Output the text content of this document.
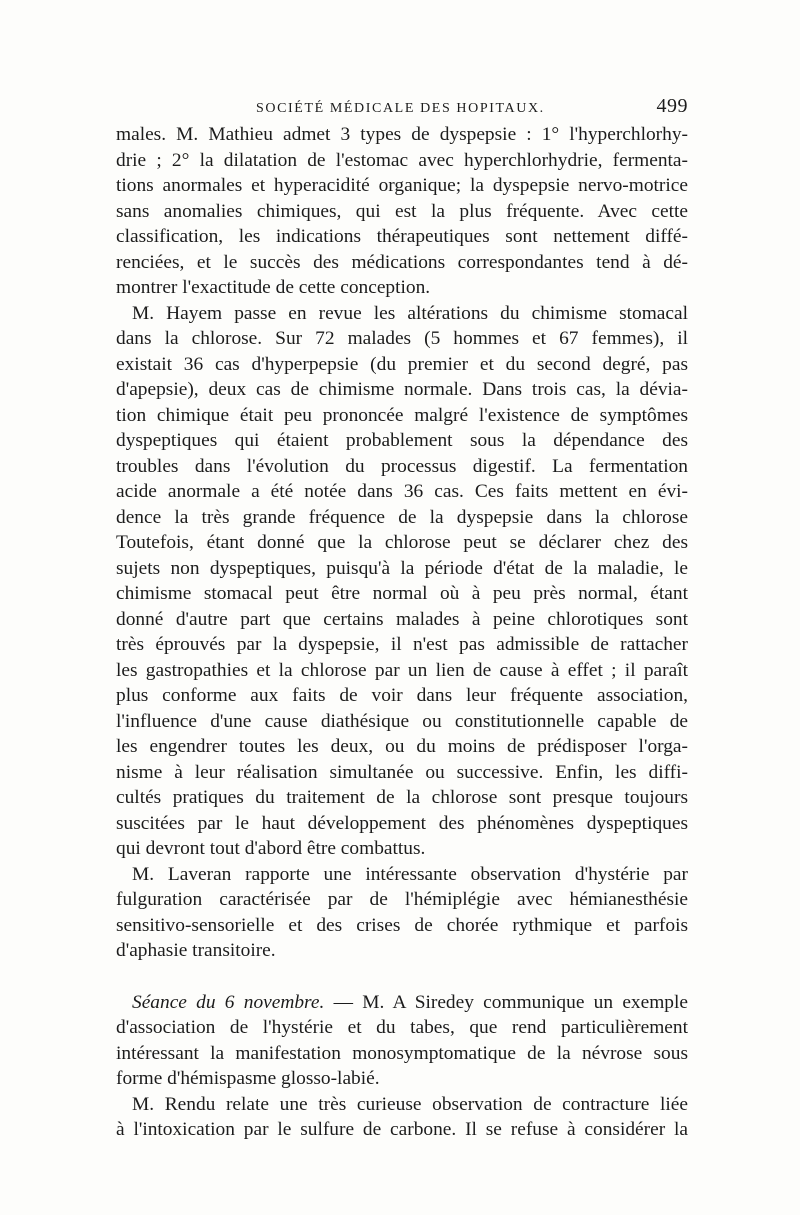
SOCIÉTÉ MÉDICALE DES HOPITAUX.	499
males. M. Mathieu admet 3 types de dyspepsie : 1° l'hyperchlorhy-
drie ; 2° la dilatation de l'estomac avec hyperchlorhydrie, fermenta-
tions anormales et hyperacidité organique; la dyspepsie nervo-motrice
sans anomalies chimiques, qui est la plus fréquente. Avec cette
classification, les indications thérapeutiques sont nettement diffé-
renciées, et le succès des médications correspondantes tend à dé-
montrer l'exactitude de cette conception.
M. Hayem passe en revue les altérations du chimisme stomacal
dans la chlorose. Sur 72 malades (5 hommes et 67 femmes), il
existait 36 cas d'hyperpepsie (du premier et du second degré, pas
d'apepsie), deux cas de chimisme normale. Dans trois cas, la dévia-
tion chimique était peu prononcée malgré l'existence de symptômes
dyspeptiques qui étaient probablement sous la dépendance des
troubles dans l'évolution du processus digestif. La fermentation
acide anormale a été notée dans 36 cas. Ces faits mettent en évi-
dence la très grande fréquence de la dyspepsie dans la chlorose
Toutefois, étant donné que la chlorose peut se déclarer chez des
sujets non dyspeptiques, puisqu'à la période d'état de la maladie, le
chimisme stomacal peut être normal où à peu près normal, étant
donné d'autre part que certains malades à peine chlorotiques sont
très éprouvés par la dyspepsie, il n'est pas admissible de rattacher
les gastropathies et la chlorose par un lien de cause à effet ; il paraît
plus conforme aux faits de voir dans leur fréquente association,
l'influence d'une cause diathésique ou constitutionnelle capable de
les engendrer toutes les deux, ou du moins de prédisposer l'orga-
nisme à leur réalisation simultanée ou successive. Enfin, les diffi-
cultés pratiques du traitement de la chlorose sont presque toujours
suscitées par le haut développement des phénomènes dyspeptiques
qui devront tout d'abord être combattus.
M. Laveran rapporte une intéressante observation d'hystérie par
fulguration caractérisée par de l'hémiplégie avec hémianesthésie
sensitivo-sensorielle et des crises de chorée rythmique et parfois
d'aphasie transitoire.
Séance du 6 novembre. — M. A Siredey communique un exemple
d'association de l'hystérie et du tabes, que rend particulièrement
intéressant la manifestation monosymptomatique de la névrose sous
forme d'hémispasme glosso-labié.
M. Rendu relate une très curieuse observation de contracture liée
à l'intoxication par le sulfure de carbone. Il se refuse à considérer la
